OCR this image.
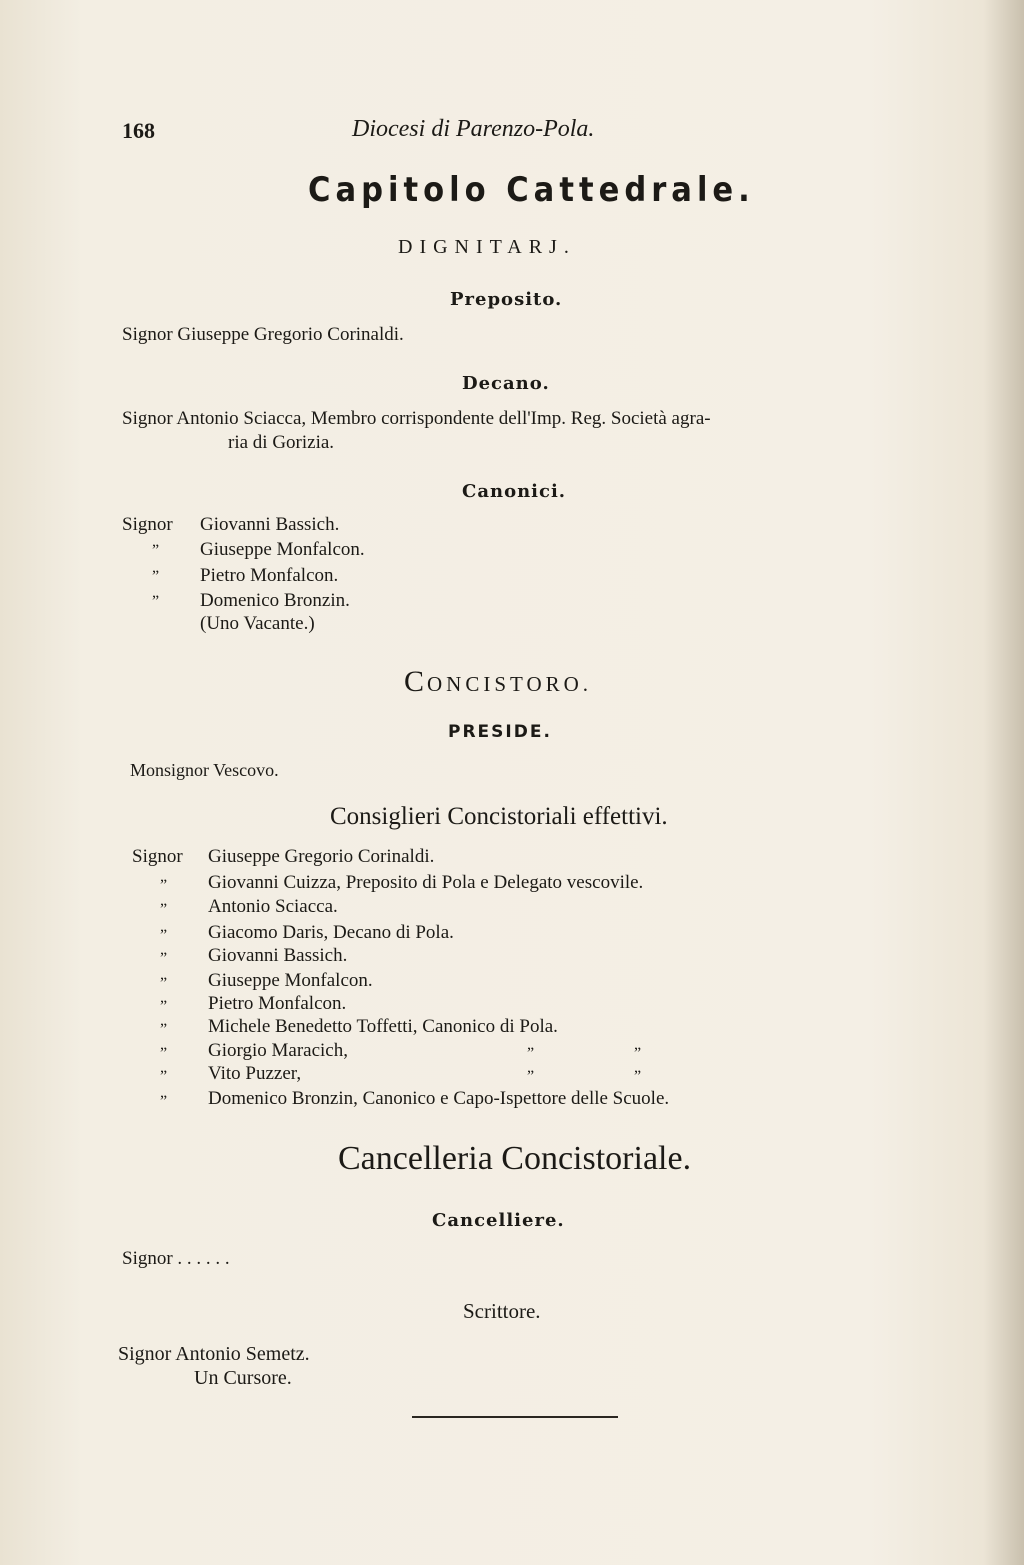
168	Diocesi di Parenzo-Pola.
Capitolo Cattedrale.
DIGNITARJ.
Preposito.
Signor Giuseppe Gregorio Corinaldi.
Decano.
Signor Antonio Sciacca, Membro corrispondente dell'Imp. Reg. Società agra-
ria di Gorizia.
Canonici.
Signor Giovanni Bassich.
” Giuseppe Monfalcon.
” Pietro Monfalcon.
” Domenico Bronzin.
(Uno Vacante.)
CONCISTORO.
PRESIDE.
Monsignor Vescovo.
Consiglieri Concistoriali effettivi.
Signor Giuseppe Gregorio Corinaldi.
” Giovanni Cuizza, Preposito di Pola e Delegato vescovile.
” Antonio Sciacca.
” Giacomo Daris, Decano di Pola.
” Giovanni Bassich.
” Giuseppe Monfalcon.
” Pietro Monfalcon.
” Michele Benedetto Toffetti, Canonico di Pola.
” Giorgio Maracich,	”	”
” Vito Puzzer,	”	”
” Domenico Bronzin, Canonico e Capo-Ispettore delle Scuole.
Cancelleria Concistoriale.
Cancelliere.
Signor . . . . . .
Scrittore.
Signor Antonio Semetz.
Un Cursore.
